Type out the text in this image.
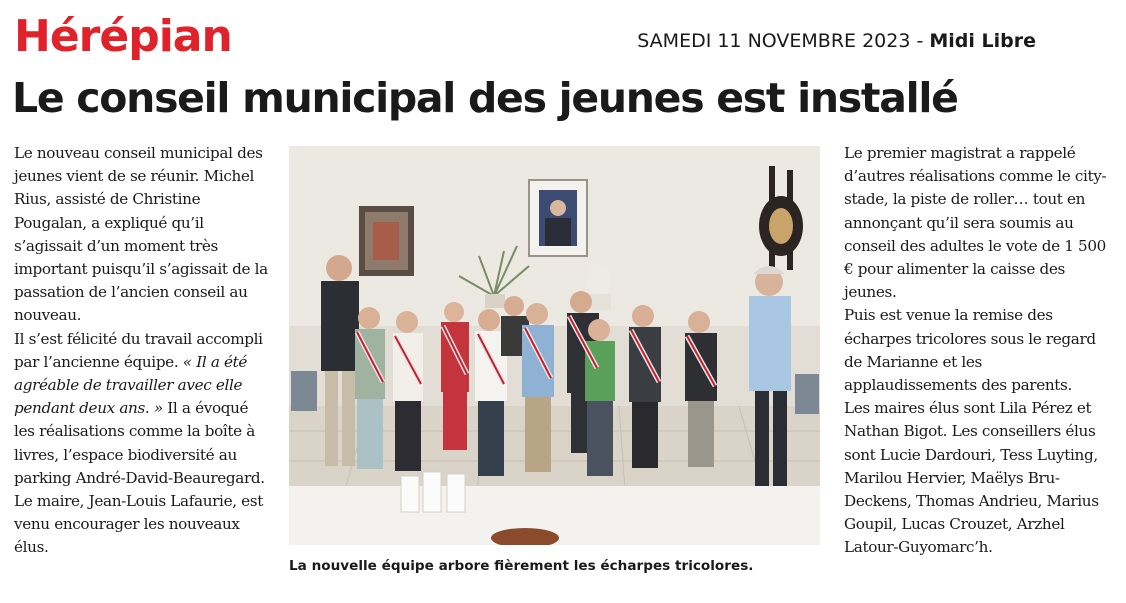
Hérépian	SAMEDI 11 NOVEMBRE 2023 - Midi Libre
Le conseil municipal des jeunes est installé

Le nouveau conseil municipal des jeunes vient de se réunir. Michel Rius, assisté de Christine Pougalan, a expliqué qu’il s’agissait d’un moment très important puisqu’il s’agissait de la passation de l’ancien conseil au nouveau.

Il s’est félicité du travail accompli par l’ancienne équipe. « Il a été agréable de travailler avec elle pendant deux ans. » Il a évoqué les réalisations comme la boîte à livres, l’espace biodiversité au parking André-David-Beauregard.

Le maire, Jean-Louis Lafaurie, est venu encourager les nouveaux élus.

La nouvelle équipe arbore fièrement les écharpes tricolores.

Le premier magistrat a rappelé d’autres réalisations comme le city-stade, la piste de roller… tout en annonçant qu’il sera soumis au conseil des adultes le vote de 1 500 € pour alimenter la caisse des jeunes.

Puis est venue la remise des écharpes tricolores sous le regard de Marianne et les applaudissements des parents.

Les maires élus sont Lila Pérez et Nathan Bigot. Les conseillers élus sont Lucie Dardouri, Tess Luyting, Marilou Hervier, Maëlys Bru-Deckens, Thomas Andrieu, Marius Goupil, Lucas Crouzet, Arzhel Latour-Guyomarc’h.
